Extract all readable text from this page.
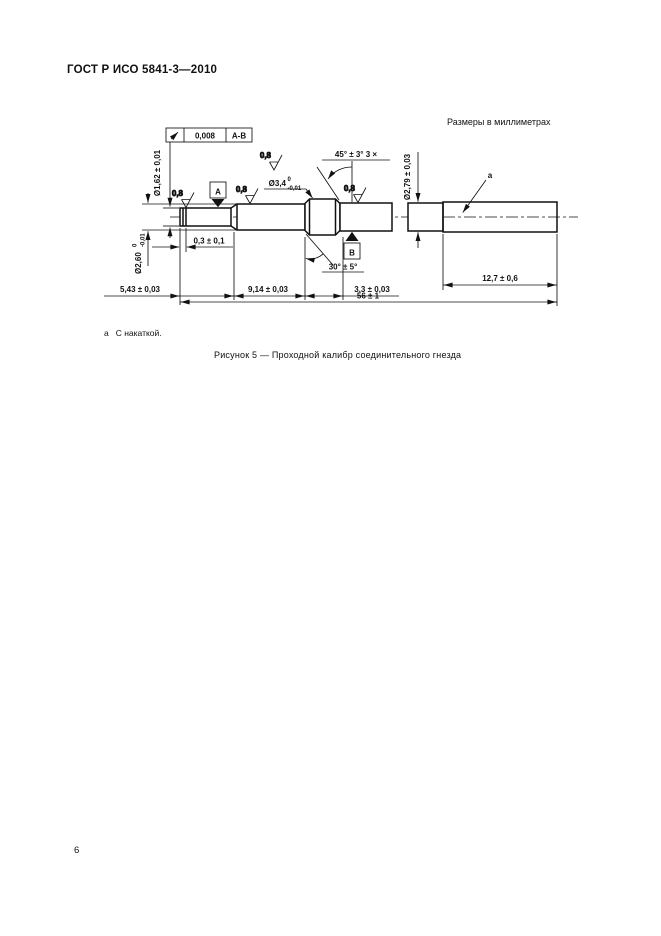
ГОСТ Р ИСО 5841-3—2010
Размеры в миллиметрах
0,008 A-B
A
B
0,8	0,8
0,8
0,8
Ø1,62 ± 0,01
Ø2,60
0 -0,01
Ø2,79 ± 0,03
Ø3,4 0
-0,01
45° ± 3° 3 ×
30° ± 5°
0,3 ± 0,1
5,43 ± 0,03	9,14 ± 0,03	3,3 ± 0,03
12,7 ± 0,6
56 ± 1
а
а С накаткой.
Рисунок 5 — Проходной калибр соединительного гнезда
6
